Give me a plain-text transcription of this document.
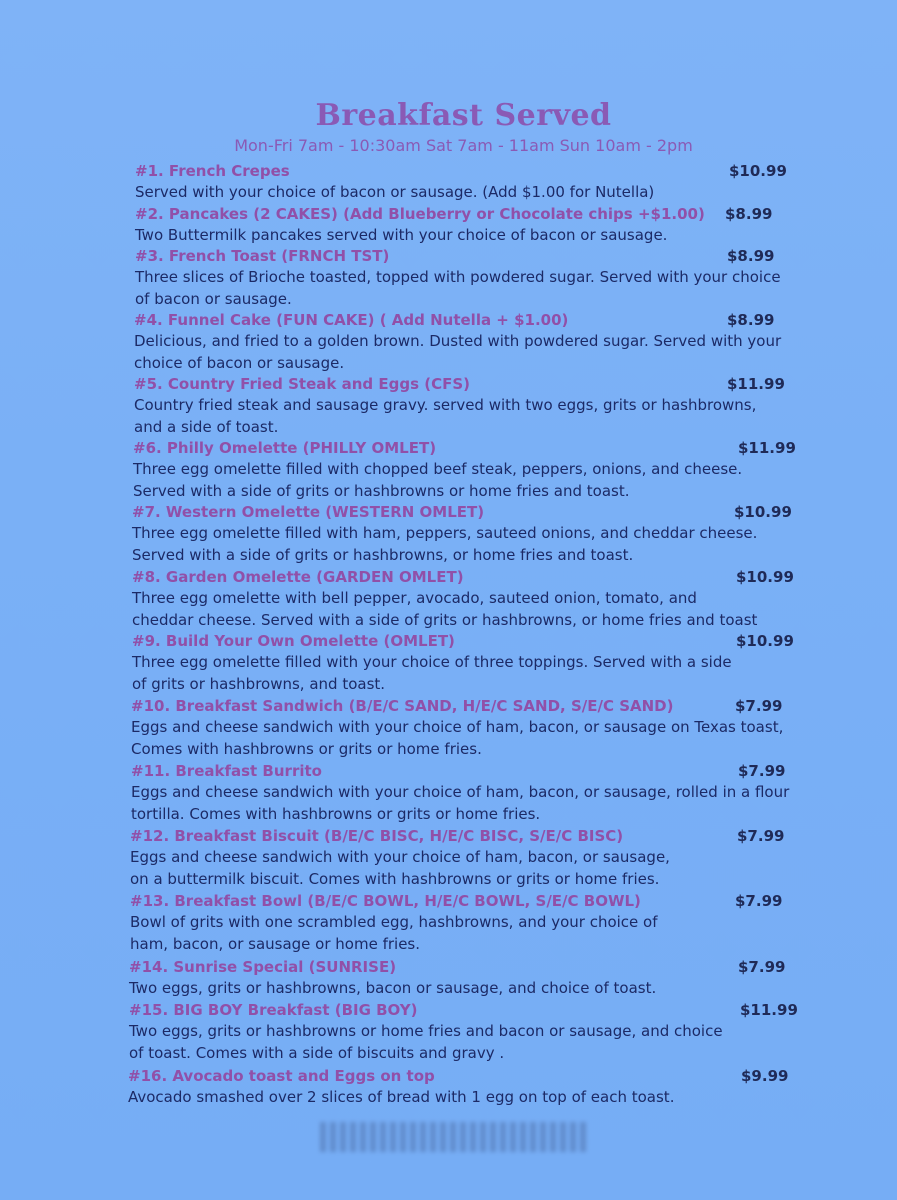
Breakfast Served
Mon-Fri 7am - 10:30am Sat 7am - 11am Sun 10am - 2pm
#1. French Crepes	$10.99
Served with your choice of bacon or sausage. (Add $1.00 for Nutella)
#2. Pancakes (2 CAKES) (Add Blueberry or Chocolate chips +$1.00) $8.99
Two Buttermilk pancakes served with your choice of bacon or sausage.
#3. French Toast (FRNCH TST)	$8.99
Three slices of Brioche toasted, topped with powdered sugar. Served with your choice
of bacon or sausage.
#4. Funnel Cake (FUN CAKE) ( Add Nutella + $1.00)	$8.99
Delicious, and fried to a golden brown. Dusted with powdered sugar. Served with your
choice of bacon or sausage.
#5. Country Fried Steak and Eggs (CFS)	$11.99
Country fried steak and sausage gravy. served with two eggs, grits or hashbrowns,
and a side of toast.
#6. Philly Omelette (PHILLY OMLET)	$11.99
Three egg omelette filled with chopped beef steak, peppers, onions, and cheese.
Served with a side of grits or hashbrowns or home fries and toast.
#7. Western Omelette (WESTERN OMLET)	$10.99
Three egg omelette filled with ham, peppers, sauteed onions, and cheddar cheese.
Served with a side of grits or hashbrowns, or home fries and toast.
#8. Garden Omelette (GARDEN OMLET)	$10.99
Three egg omelette with bell pepper, avocado, sauteed onion, tomato, and
cheddar cheese. Served with a side of grits or hashbrowns, or home fries and toast
#9. Build Your Own Omelette (OMLET)	$10.99
Three egg omelette filled with your choice of three toppings. Served with a side
of grits or hashbrowns, and toast.
#10. Breakfast Sandwich (B/E/C SAND, H/E/C SAND, S/E/C SAND)	$7.99
Eggs and cheese sandwich with your choice of ham, bacon, or sausage on Texas toast,
Comes with hashbrowns or grits or home fries.
#11. Breakfast Burrito	$7.99
Eggs and cheese sandwich with your choice of ham, bacon, or sausage, rolled in a flour
tortilla. Comes with hashbrowns or grits or home fries.
#12. Breakfast Biscuit (B/E/C BISC, H/E/C BISC, S/E/C BISC)	$7.99
Eggs and cheese sandwich with your choice of ham, bacon, or sausage,
on a buttermilk biscuit. Comes with hashbrowns or grits or home fries.
#13. Breakfast Bowl (B/E/C BOWL, H/E/C BOWL, S/E/C BOWL)	$7.99
Bowl of grits with one scrambled egg, hashbrowns, and your choice of
ham, bacon, or sausage or home fries.
#14. Sunrise Special (SUNRISE)	$7.99
Two eggs, grits or hashbrowns, bacon or sausage, and choice of toast.
#15. BIG BOY Breakfast (BIG BOY)	$11.99
Two eggs, grits or hashbrowns or home fries and bacon or sausage, and choice
of toast. Comes with a side of biscuits and gravy .
#16. Avocado toast and Eggs on top	$9.99
Avocado smashed over 2 slices of bread with 1 egg on top of each toast.
